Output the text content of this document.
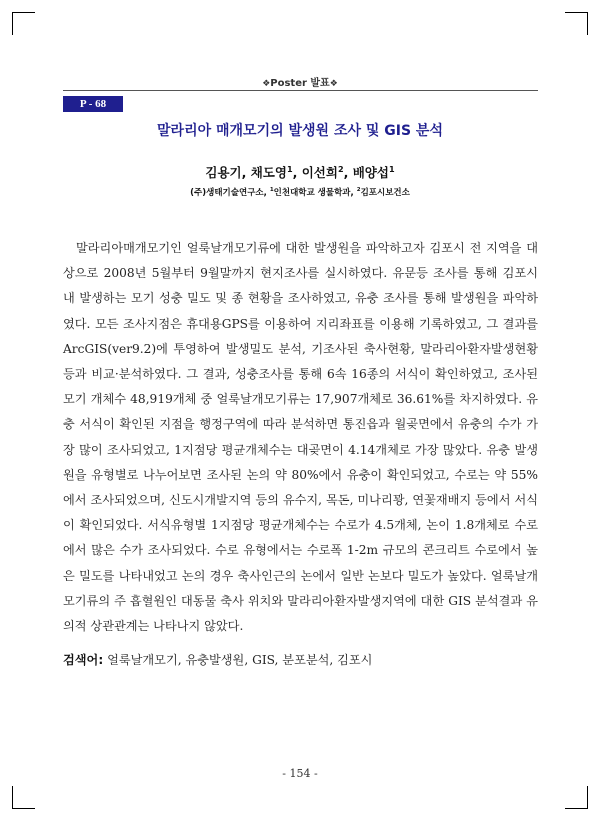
❖Poster 발표❖
P - 68
말라리아 매개모기의 발생원 조사 및 GIS 분석
김용기, 채도영$^1$, 이선희$^2$, 배양섭$^1$
(주)생태기술연구소, $^1$인천대학교 생물학과, $^2$김포시보건소
말라리아매개모기인 얼룩날개모기류에 대한 발생원을 파악하고자 김포시 전 지역을 대상으로 2008년 5월부터 9월말까지 현지조사를 실시하였다. 유문등 조사를 통해 김포시 내 발생하는 모기 성충 밀도 및 종 현황을 조사하였고, 유충 조사를 통해 발생원을 파악하였다. 모든 조사지점은 휴대용GPS를 이용하여 지리좌표를 이용해 기록하였고, 그 결과를 ArcGIS(ver9.2)에 투영하여 발생밀도 분석, 기조사된 축사현황, 말라리아환자발생현황등과 비교·분석하였다. 그 결과, 성충조사를 통해 6속 16종의 서식이 확인하였고, 조사된 모기 개체수 48,919개체 중 얼룩날개모기류는 17,907개체로 36.61%를 차지하였다. 유충 서식이 확인된 지점을 행정구역에 따라 분석하면 통진읍과 월곶면에서 유충의 수가 가장 많이 조사되었고, 1지점당 평균개체수는 대곶면이 4.14개체로 가장 많았다. 유충 발생원을 유형별로 나누어보면 조사된 논의 약 80%에서 유충이 확인되었고, 수로는 약 55%에서 조사되었으며, 신도시개발지역 등의 유수지, 목돈, 미나리꽝, 연꽃재배지 등에서 서식이 확인되었다. 서식유형별 1지점당 평균개체수는 수로가 4.5개체, 논이 1.8개체로 수로에서 많은 수가 조사되었다. 수로 유형에서는 수로폭 1-2m 규모의 콘크리트 수로에서 높은 밀도를 나타내었고 논의 경우 축사인근의 논에서 일반 논보다 밀도가 높았다. 얼룩날개모기류의 주 흡혈원인 대동물 축사 위치와 말라리아환자발생지역에 대한 GIS 분석결과 유의적 상관관계는 나타나지 않았다.
검색어: 얼룩날개모기, 유충발생원, GIS, 분포분석, 김포시
- 154 -
